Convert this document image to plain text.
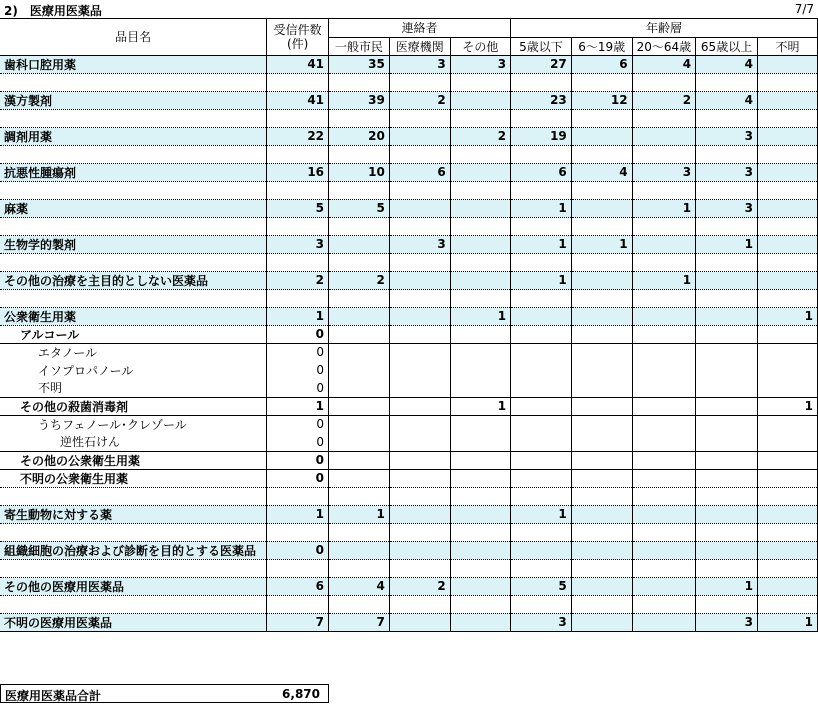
2)　医療用医薬品	7/7
品目名	受信件数
(件)	連絡者			年齢層				
		一般市民	医療機関	その他	5歳以下	6～19歳	20～64歳	65歳以上	不明
歯科口腔用薬	41	35	3	3	27	6	4	4	

漢方製剤	41	39	2		23	12	2	4	

調剤用薬	22	20		2	19			3	

抗悪性腫瘍剤	16	10	6		6	4	3	3	

麻薬	5	5			1		1	3	

生物学的製剤	3		3		1	1		1	

その他の治療を主目的としない医薬品	2	2			1		1		

公衆衛生用薬	1			1					1
アルコール	0								
エタノール	0								
イソプロパノール	0								
不明	0								
その他の殺菌消毒剤	1			1					1
うちフェノール･クレゾール	0								
逆性石けん	0								
その他の公衆衛生用薬	0								
不明の公衆衛生用薬	0								

寄生動物に対する薬	1	1			1				

組織細胞の治療および診断を目的とする医薬品	0								

その他の医療用医薬品	6	4	2		5			1	

不明の医療用医薬品	7	7			3			3	1
医療用医薬品合計	6,870
